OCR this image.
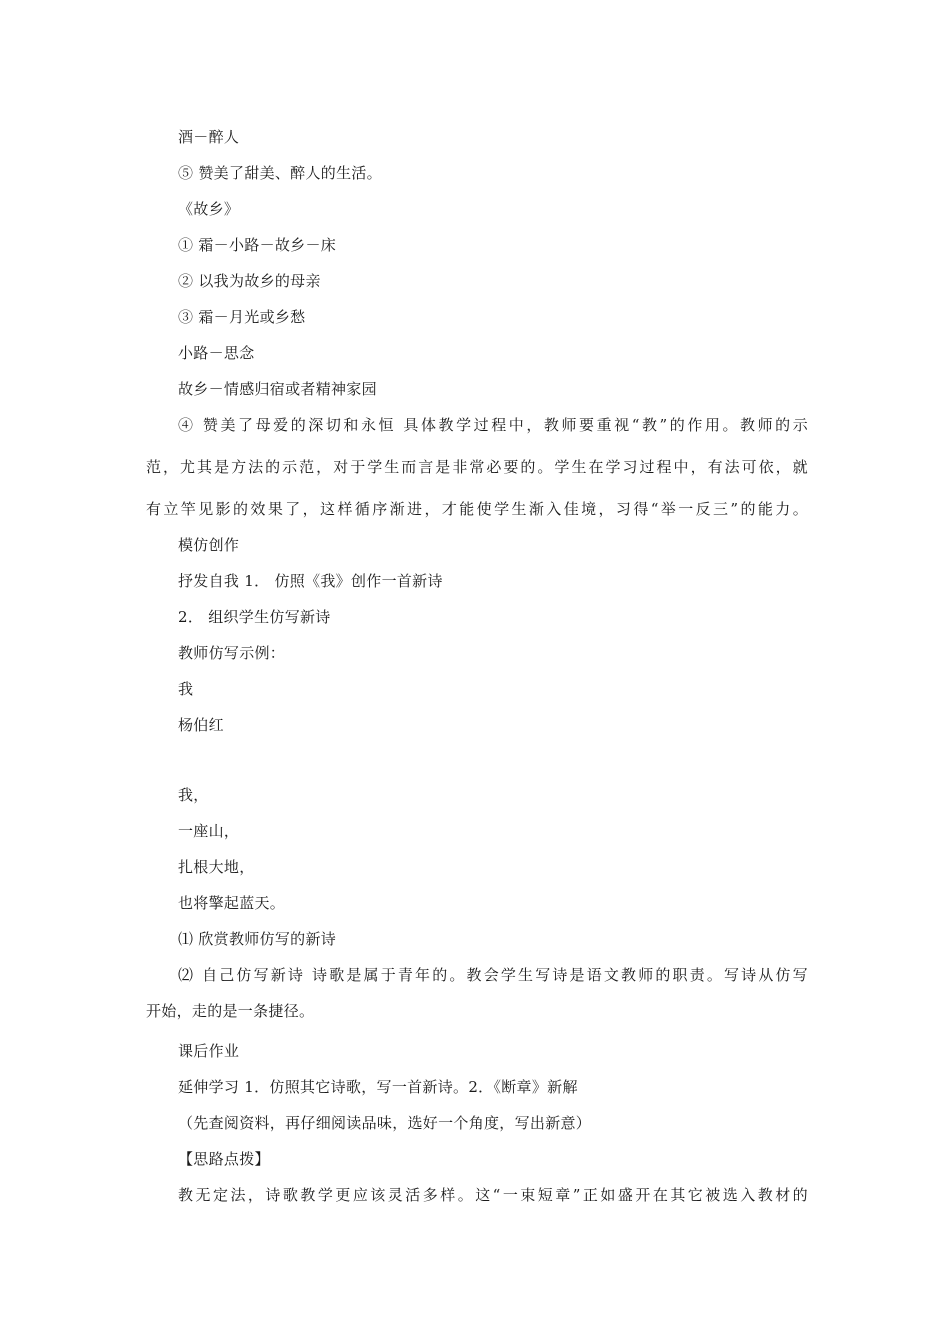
酒－醉人
⑤ 赞美了甜美、醉人的生活。
《故乡》
① 霜－小路－故乡－床
② 以我为故乡的母亲
③ 霜－月光或乡愁
小路－思念
故乡－情感归宿或者精神家园
④ 赞美了母爱的深切和永恒 具体教学过程中，教师要重视“教”的作用。教师的示
范，尤其是方法的示范，对于学生而言是非常必要的。学生在学习过程中，有法可依，就
有立竿见影的效果了，这样循序渐进，才能使学生渐入佳境，习得“举一反三”的能力。
模仿创作
抒发自我 1． 仿照《我》创作一首新诗
2． 组织学生仿写新诗
教师仿写示例：
我
杨伯红
我，
一座山，
扎根大地，
也将擎起蓝天。
⑴ 欣赏教师仿写的新诗
⑵ 自己仿写新诗 诗歌是属于青年的。教会学生写诗是语文教师的职责。写诗从仿写
开始，走的是一条捷径。
课后作业
延伸学习 1．仿照其它诗歌，写一首新诗。2．《断章》新解
（先查阅资料，再仔细阅读品味，选好一个角度，写出新意）
【思路点拨】
教无定法，诗歌教学更应该灵活多样。这“一束短章”正如盛开在其它被选入教材的
